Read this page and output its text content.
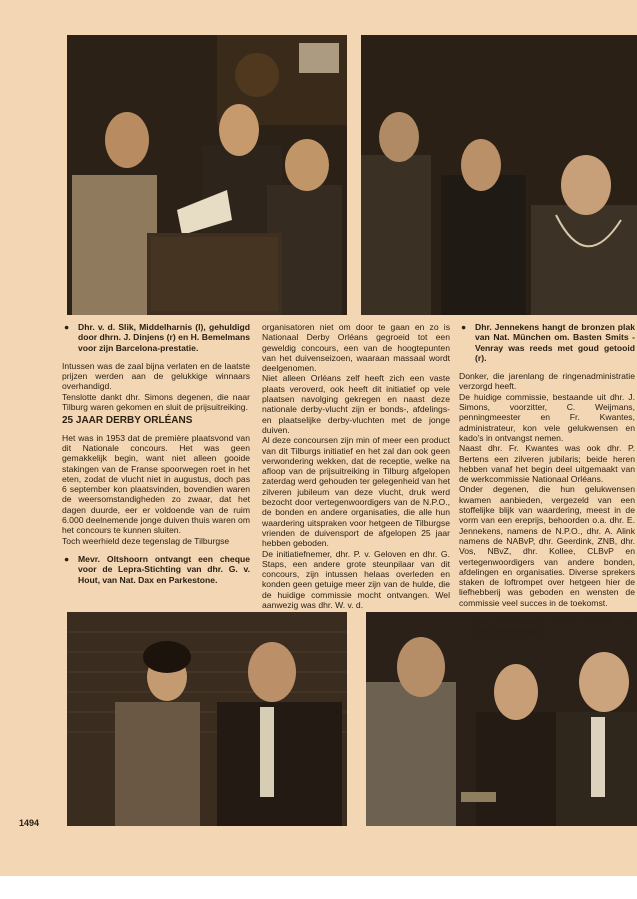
● Dhr. v. d. Slik, Middelharnis (l), gehuldigd door dhrn. J. Dinjens (r) en H. Bemelmans voor zijn Barcelona-prestatie.

Intussen was de zaal bijna verlaten en de laatste prijzen werden aan de gelukkige winnaars overhandigd.

Tenslotte dankt dhr. Simons degenen, die naar Tilburg waren gekomen en sluit de prijsuitreiking.

25 JAAR DERBY ORLÉANS

Het was in 1953 dat de première plaatsvond van dit Nationale concours. Het was geen gemakkelijk begin, want niet alleen gooide stakingen van de Franse spoorwegen roet in het eten, zodat de vlucht niet in augustus, doch pas 6 september kon plaatsvinden, bovendien waren de weersomstandigheden zo zwaar, dat het dagen duurde, eer er voldoende van de ruim 6.000 deelnemende jonge duiven thuis waren om het concours te kunnen sluiten.

Toch weerhield deze tegenslag de Tilburgse

● Mevr. Oltshoorn ontvangt een cheque voor de Lepra-Stichting van dhr. G. v. Hout, van Nat. Dax en Parkestone.

organisatoren niet om door te gaan en zo is Nationaal Derby Orléans gegroeid tot een geweldig concours, een van de hoogtepunten van het duivenseizoen, waaraan massaal wordt deelgenomen.

Niet alleen Orléans zelf heeft zich een vaste plaats veroverd, ook heeft dit initiatief op vele plaatsen navolging gekregen en naast deze nationale derby-vlucht zijn er bonds-, afdelings- en plaatselijke derby-vluchten met de jonge duiven.

Al deze concoursen zijn min of meer een product van dit Tilburgs initiatief en het zal dan ook geen verwondering wekken, dat de receptie, welke na afloop van de prijsuitreiking in Tilburg afgelopen zaterdag werd gehouden ter gelegenheid van het zilveren jubileum van deze vlucht, druk werd bezocht door vertegenwoordigers van de N.P.O., de bonden en andere organisaties, die alle hun waardering uitspraken voor hetgeen de Tilburgse vrienden de duivensport de afgelopen 25 jaar hebben geboden.

De initiatiefnemer, dhr. P. v. Geloven en dhr. G. Staps, een andere grote steunpilaar van dit concours, zijn intussen helaas overleden en konden geen getuige meer zijn van de hulde, die de huidige commissie mocht ontvangen. Wel aanwezig was dhr. W. v. d.

● Dhr. Jennekens hangt de bronzen plak van Nat. München om. Basten Smits - Venray was reeds met goud getooid (r).

Donker, die jarenlang de ringenadministratie verzorgd heeft.

De huidige commissie, bestaande uit dhr. J. Simons, voorzitter, C. Weijmans, penningmeester en Fr. Kwantes, administrateur, kon vele gelukwensen en kado's in ontvangst nemen.

Naast dhr. Fr. Kwantes was ook dhr. P. Bertens een zilveren jubilaris; beide heren hebben vanaf het begin deel uitgemaakt van de werkcommissie Nationaal Orléans.

Onder degenen, die hun gelukwensen kwamen aanbieden, vergezeld van een stoffelijke blijk van waardering, meest in de vorm van een ereprijs, behoorden o.a. dhr. E. Jennekens, namens de N.P.O., dhr. A. Alink namens de NABvP, dhr. Geerdink, ZNB, dhr. Vos, NBvZ, dhr. Kollee, CLBvP en vertegenwoordigers van andere bonden, afdelingen en organisaties. Diverse sprekers staken de loftrompet over hetgeen hier de liefhebberij was geboden en wensten de commissie veel succes in de toekomst.

● Nat. Parkestone sloot de rij der prijsuitreikingen.

1494
